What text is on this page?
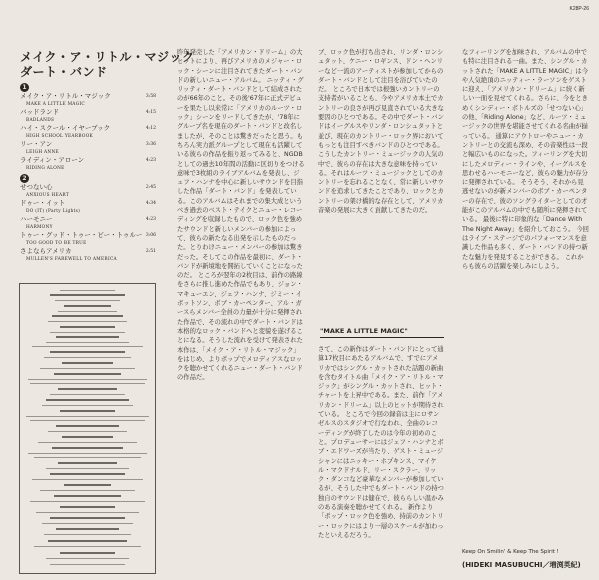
K28P-26
メイク・ア・リトル・マジック
ダート・バンド
1
メイク・ア・リトル・マジック	3:58

MAKE A LITTLE MAGIC
バッドランド	4:15

BADLANDS
ハイ・スクール・イヤーブック	4:12

HIGH SCHOOL YEARBOOK
リー・アン	3:36

LEIGH ANNE
ライディン・アローン	4:23

RIDING ALONE
2
せつない心	2:45

ANXIOUS HEART
ドゥー・イット	4:34

DO (IT) (Party Lights)
ハーモニー	4:23

HARMONY
トゥー・グッド・トゥー・ビー・トゥルー 3:06

TOO GOOD TO BE TRUE
さよならアメリカ	2:51

MULLEN'S FAREWELL TO AMERICA
昨年発売した「アメリカン・ドリーム」の大ヒットにより、再びアメリカのメジャー・ロック・シーンに注目されてきたダート・バンドの新しいニュー・アルバム。 ニッティ・グリッティ・ダート・バンドとして結成されたのが66年のこと。その後'67年に正式デビューを果たし以来常に「アメリカのルーツ・ロック」シーンをリードしてきたが、'78年にグループ名を現在のダート・バンドと改名しましたが、そのことは驚きだったと思う。もちろん実力派グループとして現在も活躍している彼らの作品を振り返ってみると、NGDBとしての過去10年間の活動に区切りをつける意味で3枚組のライブアルバムを発表し、ジェフ・ハンナを中心に新しいサウンドを目指した作品「ダート・バンド」を発表している。このアルバムはそれまでの集大成というべき過去のベスト・テイクとニュー・レコーディングを収録したもので、ロック色を強めたサウンドと新しいメンバーの参加によって、彼らの新たなる出発を示したものだった。とりわけニュー・メンバーの参加は驚きだった。そしてこの作品を最初に、ダート・バンドが新境地を開拓していくことになったのだ。 ところが翌年の2枚目は、前作の路線をさらに推し進めた作品でもあり、ジョン・マキューエン、ジェフ・ハンナ、ジミー・イボットソン、ボブ・カーペンター、アル・ガースらメンバー全員の力量が十分に発揮された作品で、その流れの中でダート・バンドは本格的なロック・バンドへと変貌を遂げることになる。そうした流れを受けて発表された本作は、「メイク・ア・リトル・マジック」をはじめ、よりポップでメロディアスなロックを聴かせてくれるニュー・ダート・バンドの作品だ。
ブ、ロック色が打ち出され、リンダ・ロンシュタット、ケニー・ロギンス、ドン・ヘンリーなど一流のアーティストが参加してからのダート・バンドとして注目を浴びていたのだ。 ところで日本では根強いカントリーの支持者がいることも、今やアメリカ本土でカントリーの良さが再び見直されている大きな要因のひとつである。その中でダート・バンドはイーグルスやリンダ・ロンシュタットと並び、現在のカントリー・ロック界においてもっとも注目すべきバンドのひとつである。 こうしたカントリー・ミュージックの人気の中で、彼らの存在は大きな意味を持っている。それはルーツ・ミュージックとしてのカントリーを忘れることなく、常に新しいサウンドを追求してきたことであり、ロックとカントリーの架け橋的な存在として、アメリカ音楽の発展に大きく貢献してきたのだ。
"MAKE A LITTLE MAGIC"
さて、この新作はダート・バンドにとって通算17枚目にあたるアルバムで、すでにアメリカではシングル・カットされた話題の新曲を含むタイトル曲「メイク・ア・リトル・マジック」がシングル・カットされ、ヒット・チャートを上昇中である。また、前作「アメリカン・ドリーム」以上のヒットが期待されている。 ところで今回の録音は主にロサンゼルスのスタジオで行なわれ、全曲のレコーディングが終了したのは今年の初めのこと。プロデューサーにはジェフ・ハンナとボブ・エドワーズが当たり、ゲスト・ミュージシャンにはニッキー・ホプキンス、マイケル・マクドナルド、リー・スクラー、リック・ダンコなど豪華なメンバーが参加しているが、そうした中でもダート・バンドの持つ独自のサウンドは健在で、彼ららしい温かみのある演奏を聴かせてくれる。 新作より「ポップ・ロック色を強め、持前のカントリー・ロックにはより一層のスケールが加わったといえるだろう。
なフィーリングを加味され、アルバムの中でも特に注目される一曲。また、シングル・カットされた「MAKE A LITTLE MAGIC」は今や人気絶頂のニッティー・ラーソンをゲストに迎え、「アメリカン・ドリーム」に続く新しい一面を見せてくれる。さらに、今をときめくシンディー・ボトルズの「せつない心」の他、「Riding Alone」など、ルーツ・ミュージックの世界を堪能させてくれる名曲が揃っている。 通算にアウトローやニュー・カントリーとの交流も深め、その音楽性は一段と幅広いものになった。フィーリングを大切にしたメロディー・ラインや、イーグルスを思わせるハーモニーなど、彼らの魅力が存分に発揮されている。 そうそう、それから見逃せないのが新メンバーのボブ・カーペンターの存在で、彼のソングライターとしての才能がこのアルバムの中でも随所に発揮されている。 最後に特に印象的な「Dance With The Night Away」を紹介しておこう。 今回はライブ・ステージでのパフォーマンスを意識した作品も多く、ダート・バンドの持つ新たな魅力を発見することができる。 これからも彼らの活躍を楽しみにしよう。
Keep On Smilin' & Keep The Spirit !
(HIDEKI MASUBUCHI／増渕英紀)
